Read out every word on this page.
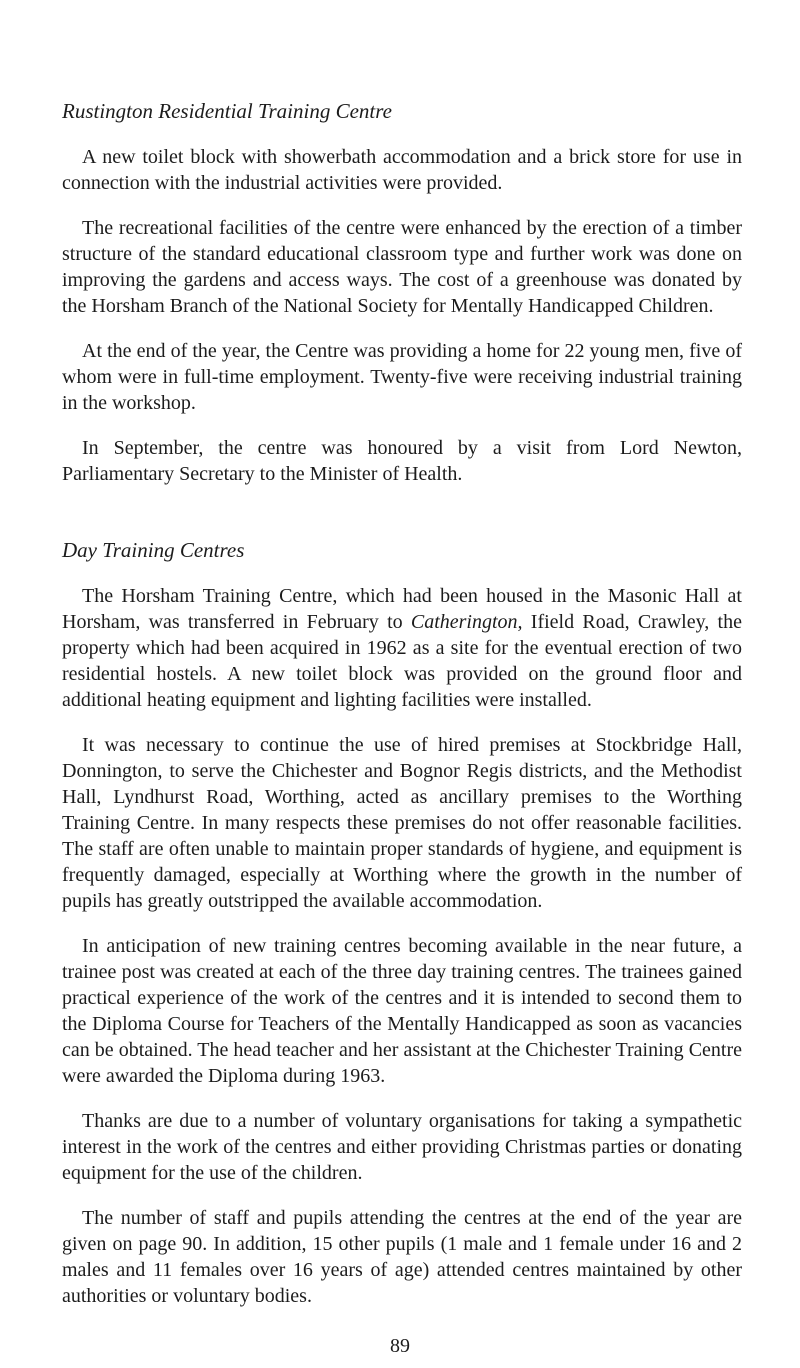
Rustington Residential Training Centre

A new toilet block with showerbath accommodation and a brick store for use in connection with the industrial activities were provided.

The recreational facilities of the centre were enhanced by the erection of a timber structure of the standard educational classroom type and further work was done on improving the gardens and access ways. The cost of a greenhouse was donated by the Horsham Branch of the National Society for Mentally Handicapped Children.

At the end of the year, the Centre was providing a home for 22 young men, five of whom were in full-time employment. Twenty-five were receiving industrial training in the workshop.

In September, the centre was honoured by a visit from Lord Newton, Parliamentary Secretary to the Minister of Health.

Day Training Centres

The Horsham Training Centre, which had been housed in the Masonic Hall at Horsham, was transferred in February to Catherington, Ifield Road, Crawley, the property which had been acquired in 1962 as a site for the eventual erection of two residential hostels. A new toilet block was provided on the ground floor and additional heating equipment and lighting facilities were installed.

It was necessary to continue the use of hired premises at Stockbridge Hall, Donnington, to serve the Chichester and Bognor Regis districts, and the Methodist Hall, Lyndhurst Road, Worthing, acted as ancillary premises to the Worthing Training Centre. In many respects these premises do not offer reasonable facilities. The staff are often unable to maintain proper standards of hygiene, and equipment is frequently damaged, especially at Worthing where the growth in the number of pupils has greatly outstripped the available accommodation.

In anticipation of new training centres becoming available in the near future, a trainee post was created at each of the three day training centres. The trainees gained practical experience of the work of the centres and it is intended to second them to the Diploma Course for Teachers of the Mentally Handicapped as soon as vacancies can be obtained. The head teacher and her assistant at the Chichester Training Centre were awarded the Diploma during 1963.

Thanks are due to a number of voluntary organisations for taking a sympathetic interest in the work of the centres and either providing Christmas parties or donating equipment for the use of the children.

The number of staff and pupils attending the centres at the end of the year are given on page 90. In addition, 15 other pupils (1 male and 1 female under 16 and 2 males and 11 females over 16 years of age) attended centres maintained by other authorities or voluntary bodies.

89
